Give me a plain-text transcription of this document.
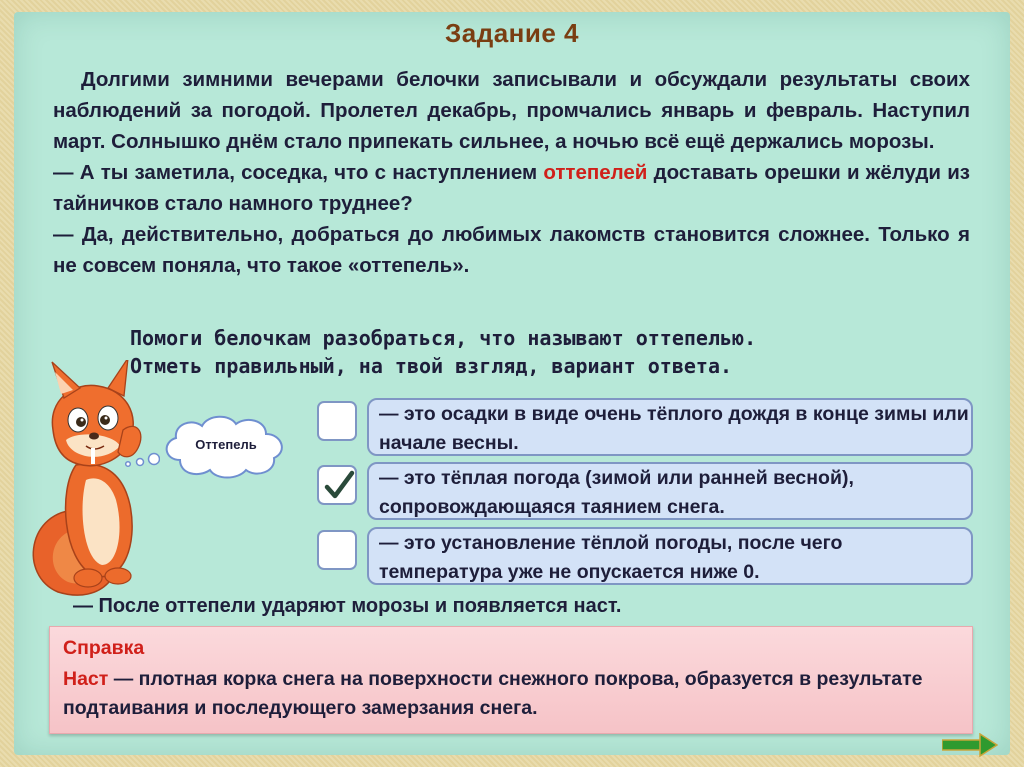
Задание 4

Долгими зимними вечерами белочки записывали и обсуждали результаты своих наблюдений за погодой. Пролетел декабрь, промчались январь и февраль. Наступил март. Солнышко днём стало припекать сильнее, а ночью всё ещё держались морозы.

— А ты заметила, соседка, что с наступлением оттепелей доставать орешки и жёлуди из тайничков стало намного труднее?

— Да, действительно, добраться до любимых лакомств становится сложнее. Только я не совсем поняла, что такое «оттепель».

Помоги белочкам разобраться, что называют оттепелью.
Отметь правильный, на твой взгляд, вариант ответа.
Оттепель
— это осадки в виде очень тёплого дождя в конце зимы или начале весны.
— это тёплая погода (зимой или ранней весной), сопровождающаяся таянием снега.
— это установление тёплой погоды, после чего температура уже не опускается ниже 0.
— После оттепели ударяют морозы и появляется наст.
Справка
Наст — плотная корка снега на поверхности снежного покрова, образуется в результате подтаивания и последующего замерзания снега.
